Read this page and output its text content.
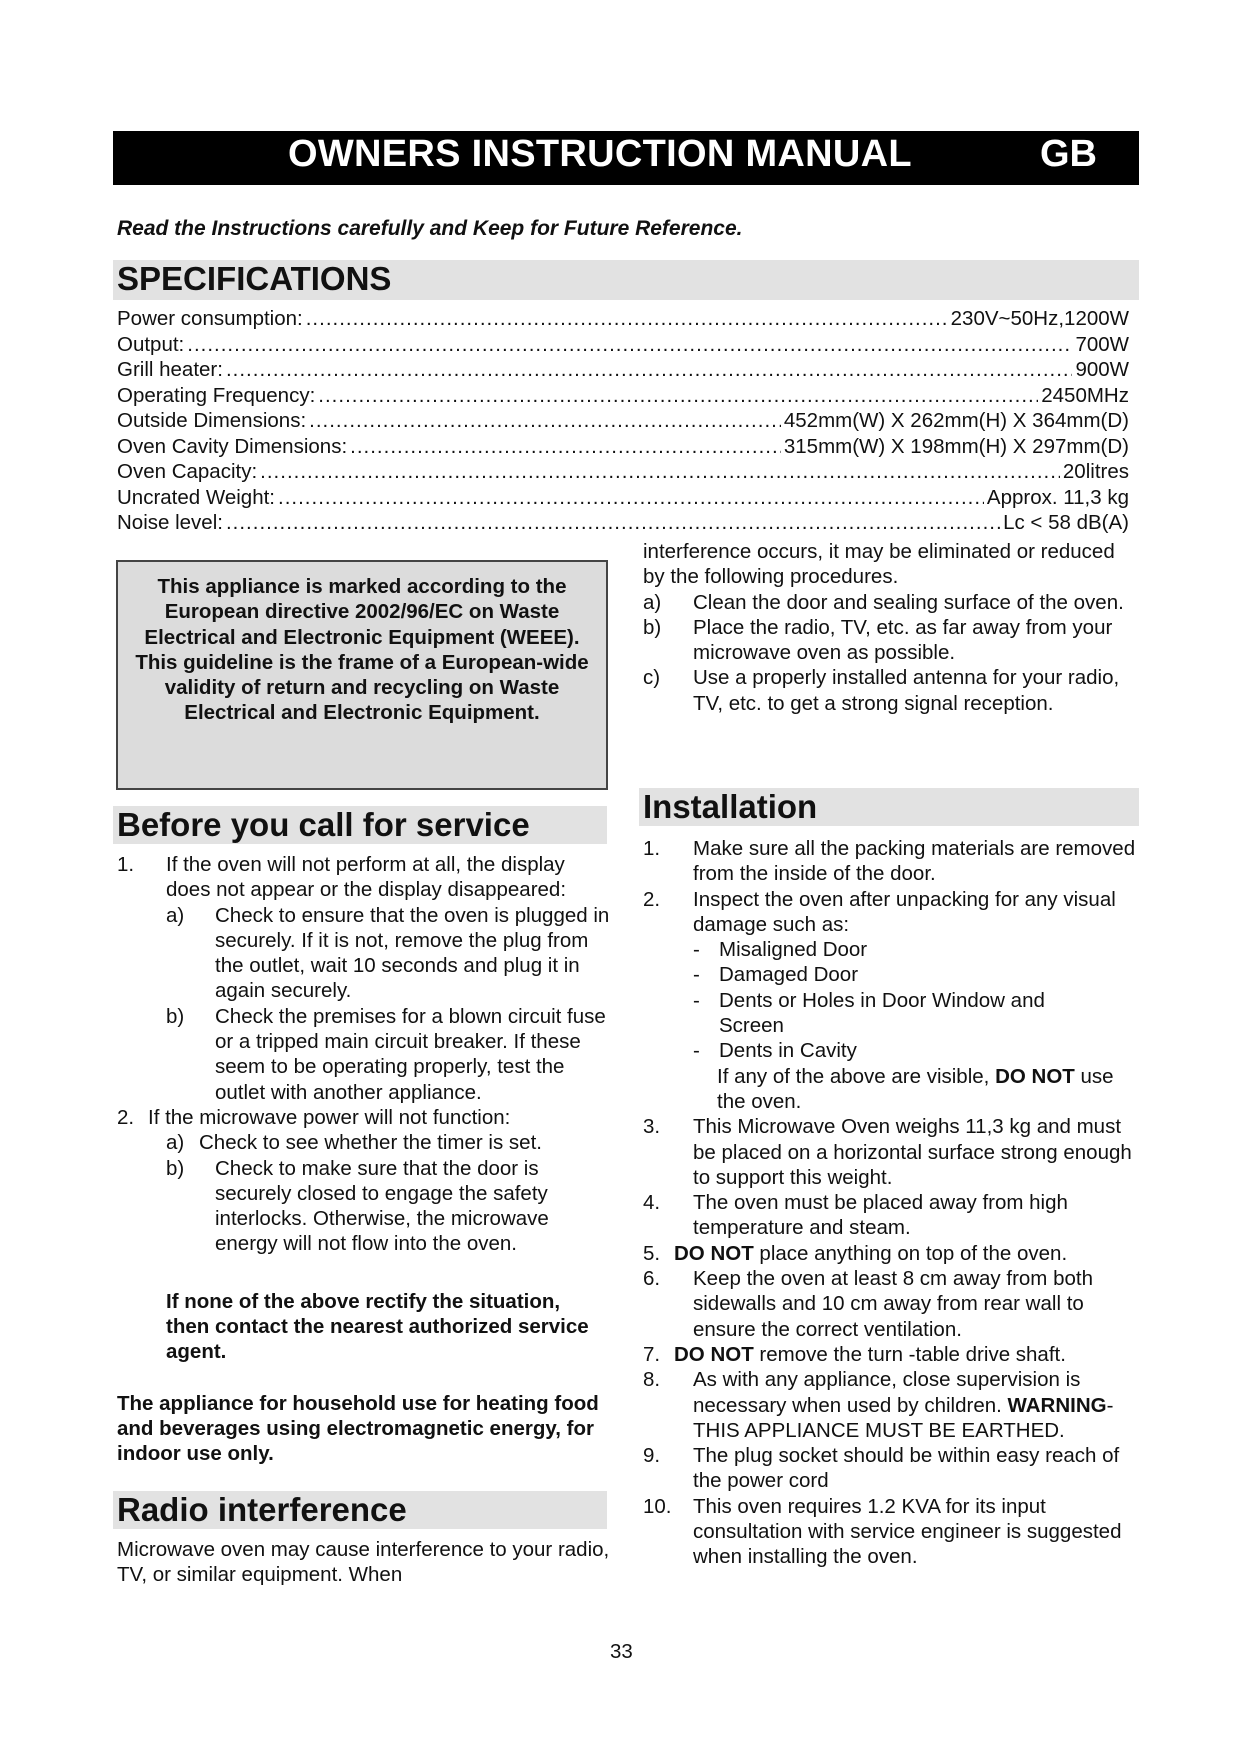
OWNERS INSTRUCTION MANUAL	GB
Read the Instructions carefully and Keep for Future Reference.
SPECIFICATIONS
Power consumption: .....	230V~50Hz,1200W
Output: .....	700W
Grill heater: .....	900W
Operating Frequency: .....	2450MHz
Outside Dimensions: .....	452mm(W) X 262mm(H) X 364mm(D)
Oven Cavity Dimensions: .....	315mm(W) X 198mm(H) X 297mm(D)
Oven Capacity: .....	20litres
Uncrated Weight: .....	Approx. 11,3 kg
Noise level: .....	Lc < 58 dB(A)

This appliance is marked according to the European directive 2002/96/EC on Waste Electrical and Electronic Equipment (WEEE).

This guideline is the frame of a European-wide validity of return and recycling on Waste Electrical and Electronic Equipment.

Before you call for service
1. If the oven will not perform at all, the display does not appear or the display disappeared:
a) Check to ensure that the oven is plugged in securely. If it is not, remove the plug from the outlet, wait 10 seconds and plug it in again securely.
b) Check the premises for a blown circuit fuse or a tripped main circuit breaker. If these seem to be operating properly, test the outlet with another appliance.
2. If the microwave power will not function:
a) Check to see whether the timer is set.
b) Check to make sure that the door is securely closed to engage the safety interlocks. Otherwise, the microwave energy will not flow into the oven.

If none of the above rectify the situation, then contact the nearest authorized service agent.

The appliance for household use for heating food and beverages using electromagnetic energy, for indoor use only.

Radio interference

Microwave oven may cause interference to your radio, TV, or similar equipment. When

interference occurs, it may be eliminated or reduced by the following procedures.

a) Clean the door and sealing surface of the oven.
b) Place the radio, TV, etc. as far away from your microwave oven as possible.
c) Use a properly installed antenna for your radio, TV, etc. to get a strong signal reception.
Installation
1. Make sure all the packing materials are removed from the inside of the door.
2. Inspect the oven after unpacking for any visual damage such as:
- Misaligned Door
- Damaged Door
- Dents or Holes in Door Window and Screen
- Dents in Cavity

If any of the above are visible, DO NOT use the oven.

3. This Microwave Oven weighs 11,3 kg and must be placed on a horizontal surface strong enough to support this weight.
4. The oven must be placed away from high temperature and steam.
5. DO NOT place anything on top of the oven.
6. Keep the oven at least 8 cm away from both sidewalls and 10 cm away from rear wall to ensure the correct ventilation.
7. DO NOT remove the turn -table drive shaft.
8. As with any appliance, close supervision is necessary when used by children. WARNING-THIS APPLIANCE MUST BE EARTHED.
9. The plug socket should be within easy reach of the power cord
10. This oven requires 1.2 KVA for its input consultation with service engineer is suggested when installing the oven.
33
